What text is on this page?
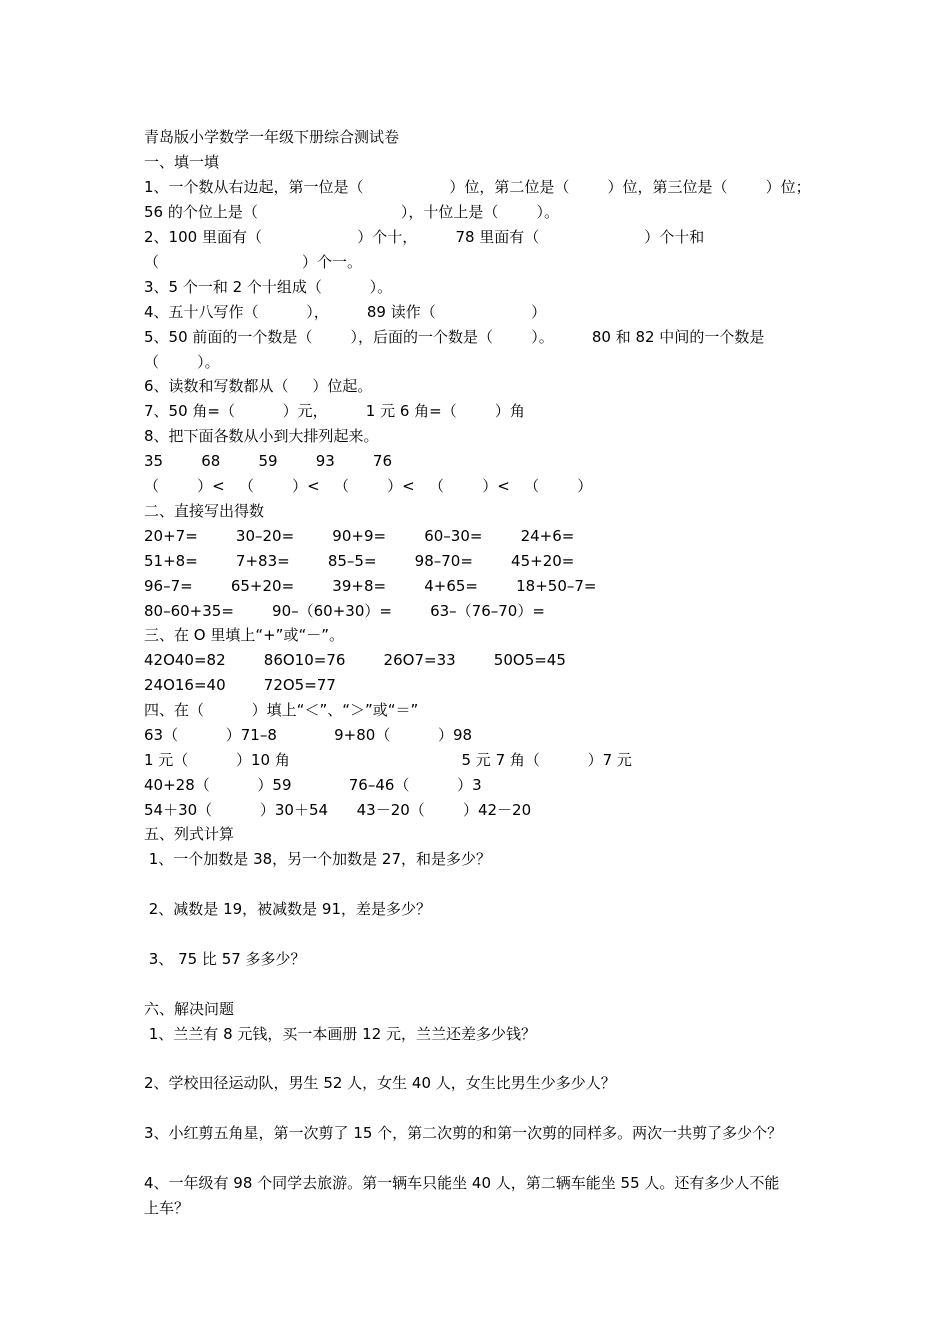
青岛版小学数学一年级下册综合测试卷
一、填一填
1、一个数从右边起，第一位是（                  ）位，第二位是（        ）位，第三位是（        ）位；
56 的个位上是（                              ），十位上是（        ）。
2、100 里面有（                    ）个十，        78 里面有（                      ）个十和
（                              ）个一。
3、5 个一和 2 个十组成（          ）。
4、五十八写作（          ），        89 读作（                    ）
5、50 前面的一个数是（        ），后面的一个数是（        ）。        80 和 82 中间的一个数是
（        ）。
6、读数和写数都从（     ）位起。
7、50 角=（          ）元，        1 元 6 角=（        ）角
8、把下面各数从小到大排列起来。
35        68        59        93        76
（        ）<   （        ）<   （        ）<   （        ）<   （        ）
二、直接写出得数
20+7=        30–20=        90+9=        60–30=        24+6=
51+8=        7+83=        85–5=        98–70=        45+20=
96–7=        65+20=        39+8=        4+65=        18+50–7=
80–60+35=        90–（60+30）=        63–（76–70）=
三、在 O 里填上“+”或“－”。
42O40=82        86O10=76        26O7=33        50O5=45
24O16=40        72O5=77
四、在（          ）填上“＜”、“＞”或“＝”
63（          ）71–8            9+80（          ）98
1 元（          ）10 角                                    5 元 7 角（          ）7 元
40+28（          ）59            76–46（          ）3
54＋30（          ）30＋54      43－20（        ）42－20
五、列式计算
1、一个加数是 38，另一个加数是 27，和是多少？
2、减数是 19，被减数是 91，差是多少？
3、 75 比 57 多多少？
六、解决问题
1、兰兰有 8 元钱，买一本画册 12 元，兰兰还差多少钱？
2、学校田径运动队，男生 52 人，女生 40 人，女生比男生少多少人？
3、小红剪五角星，第一次剪了 15 个，第二次剪的和第一次剪的同样多。两次一共剪了多少个？
4、一年级有 98 个同学去旅游。第一辆车只能坐 40 人，第二辆车能坐 55 人。还有多少人不能
上车？
